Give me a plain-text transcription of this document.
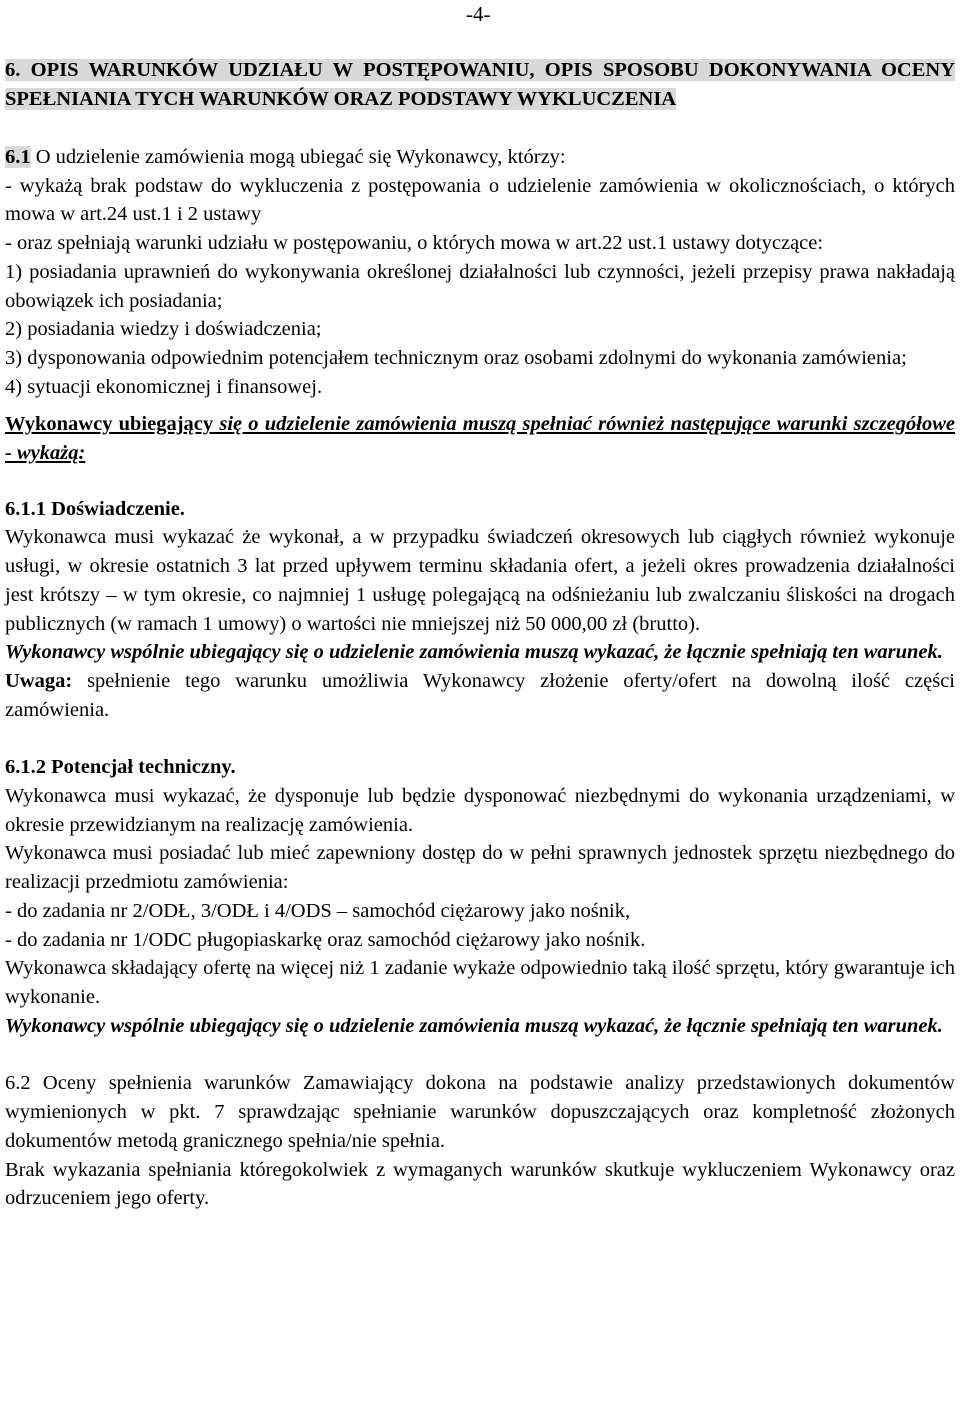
-4-

6. OPIS WARUNKÓW UDZIAŁU W POSTĘPOWANIU, OPIS SPOSOBU DOKONYWANIA OCENY SPEŁNIANIA TYCH WARUNKÓW ORAZ PODSTAWY WYKLUCZENIA

6.1 O udzielenie zamówienia mogą ubiegać się Wykonawcy, którzy:

- wykażą brak podstaw do wykluczenia z postępowania o udzielenie zamówienia w okolicznościach, o których mowa w art.24 ust.1 i 2 ustawy

- oraz spełniają warunki udziału w postępowaniu, o których mowa w art.22 ust.1 ustawy dotyczące:

1) posiadania uprawnień do wykonywania określonej działalności lub czynności, jeżeli przepisy prawa nakładają obowiązek ich posiadania;

2) posiadania wiedzy i doświadczenia;

3) dysponowania odpowiednim potencjałem technicznym oraz osobami zdolnymi do wykonania zamówienia;

4) sytuacji ekonomicznej i finansowej.

Wykonawcy ubiegający się o udzielenie zamówienia muszą spełniać również następujące warunki szczegółowe - wykażą:

6.1.1 Doświadczenie.

Wykonawca musi wykazać że wykonał, a w przypadku świadczeń okresowych lub ciągłych również wykonuje usługi, w okresie ostatnich 3 lat przed upływem terminu składania ofert, a jeżeli okres prowadzenia działalności jest krótszy – w tym okresie, co najmniej 1 usługę polegającą na odśnieżaniu lub zwalczaniu śliskości na drogach publicznych (w ramach 1 umowy) o wartości nie mniejszej niż 50 000,00 zł (brutto).

Wykonawcy wspólnie ubiegający się o udzielenie zamówienia muszą wykazać, że łącznie spełniają ten warunek.

Uwaga: spełnienie tego warunku umożliwia Wykonawcy złożenie oferty/ofert na dowolną ilość części zamówienia.

6.1.2 Potencjał techniczny.

Wykonawca musi wykazać, że dysponuje lub będzie dysponować niezbędnymi do wykonania urządzeniami, w okresie przewidzianym na realizację zamówienia.

Wykonawca musi posiadać lub mieć zapewniony dostęp do w pełni sprawnych jednostek sprzętu niezbędnego do realizacji przedmiotu zamówienia:

- do zadania nr 2/ODŁ, 3/ODŁ i 4/ODS – samochód ciężarowy jako nośnik,

- do zadania nr 1/ODC pługopiaskarkę oraz samochód ciężarowy jako nośnik.

Wykonawca składający ofertę na więcej niż 1 zadanie wykaże odpowiednio taką ilość sprzętu, który gwarantuje ich wykonanie.

Wykonawcy wspólnie ubiegający się o udzielenie zamówienia muszą wykazać, że łącznie spełniają ten warunek.

6.2 Oceny spełnienia warunków Zamawiający dokona na podstawie analizy przedstawionych dokumentów wymienionych w pkt. 7 sprawdzając spełnianie warunków dopuszczających oraz kompletność złożonych dokumentów metodą granicznego spełnia/nie spełnia.

Brak wykazania spełniania któregokolwiek z wymaganych warunków skutkuje wykluczeniem Wykonawcy oraz odrzuceniem jego oferty.
